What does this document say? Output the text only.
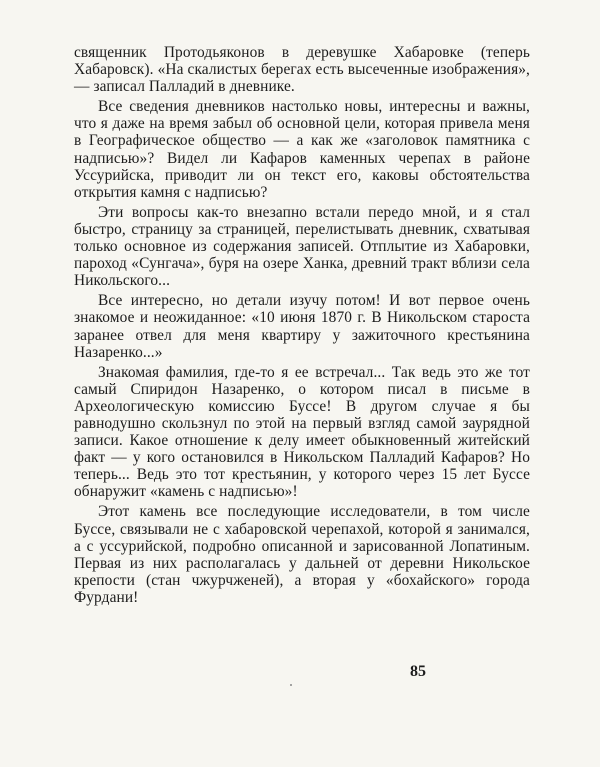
священник Протодьяконов в деревушке Хабаровке (теперь Хабаровск). «На скалистых берегах есть высеченные изображения»,— записал Палладий в дневнике.

Все сведения дневников настолько новы, интересны и важны, что я даже на время забыл об основной цели, которая привела меня в Географическое общество — а как же «заголовок памятника с надписью»? Видел ли Кафаров каменных черепах в районе Уссурийска, приводит ли он текст его, каковы обстоятельства открытия камня с надписью?

Эти вопросы как-то внезапно встали передо мной, и я стал быстро, страницу за страницей, перелистывать дневник, схватывая только основное из содержания записей. Отплытие из Хабаровки, пароход «Сунгача», буря на озере Ханка, древний тракт вблизи села Никольского...

Все интересно, но детали изучу потом! И вот первое очень знакомое и неожиданное: «10 июня 1870 г. В Никольском староста заранее отвел для меня квартиру у зажиточного крестьянина Назаренко...»

Знакомая фамилия, где-то я ее встречал... Так ведь это же тот самый Спиридон Назаренко, о котором писал в письме в Археологическую комиссию Буссе! В другом случае я бы равнодушно скользнул по этой на первый взгляд самой заурядной записи. Какое отношение к делу имеет обыкновенный житейский факт — у кого остановился в Никольском Палладий Кафаров? Но теперь... Ведь это тот крестьянин, у которого через 15 лет Буссе обнаружит «камень с надписью»!

Этот камень все последующие исследователи, в том числе Буссе, связывали не с хабаровской черепахой, которой я занимался, а с уссурийской, подробно описанной и зарисованной Лопатиным. Первая из них располагалась у дальней от деревни Никольское крепости (стан чжурчженей), а вторая у «бохайского» города Фурдани!

85
